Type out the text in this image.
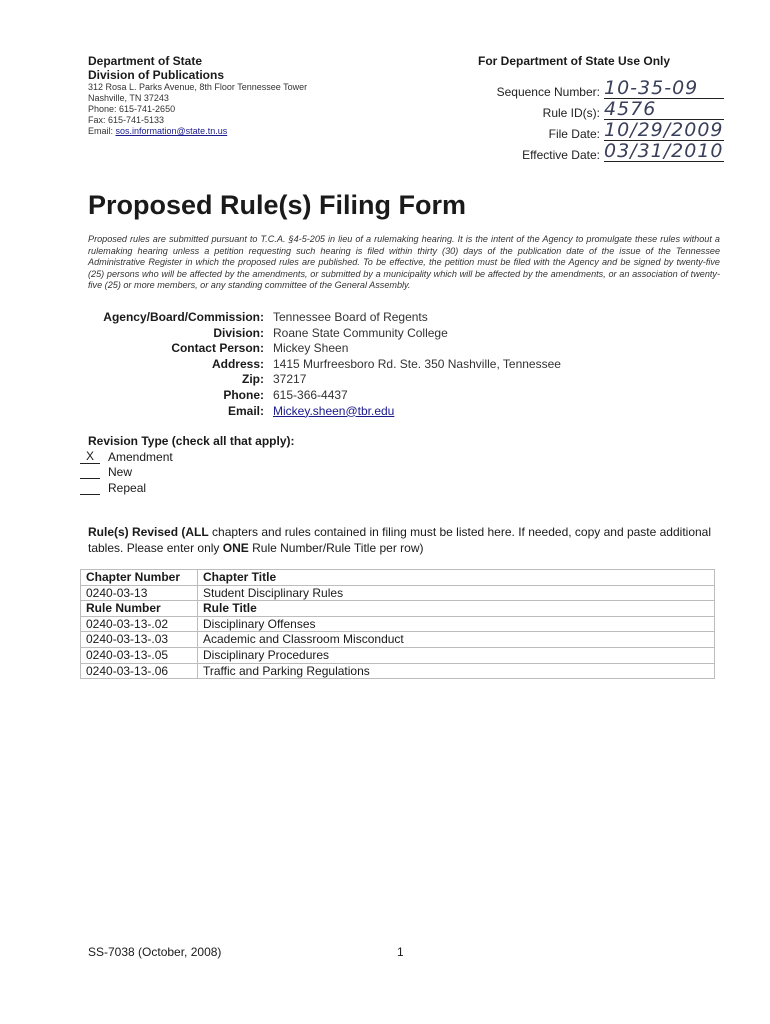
Department of State
Division of Publications
312 Rosa L. Parks Avenue, 8th Floor Tennessee Tower
Nashville, TN 37243
Phone: 615-741-2650
Fax: 615-741-5133
Email: sos.information@state.tn.us
For Department of State Use Only
Sequence Number: 10-35-09
Rule ID(s): 4576
File Date: 10/29/2009
Effective Date: 03/31/2010
Proposed Rule(s) Filing Form
Proposed rules are submitted pursuant to T.C.A. §4-5-205 in lieu of a rulemaking hearing. It is the intent of the Agency to promulgate these rules without a rulemaking hearing unless a petition requesting such hearing is filed within thirty (30) days of the publication date of the issue of the Tennessee Administrative Register in which the proposed rules are published. To be effective, the petition must be filed with the Agency and be signed by twenty-five (25) persons who will be affected by the amendments, or submitted by a municipality which will be affected by the amendments, or an association of twenty-five (25) or more members, or any standing committee of the General Assembly.
Agency/Board/Commission: Tennessee Board of Regents
Division: Roane State Community College
Contact Person: Mickey Sheen
Address: 1415 Murfreesboro Rd. Ste. 350 Nashville, Tennessee
Zip: 37217
Phone: 615-366-4437
Email: Mickey.sheen@tbr.edu
Revision Type (check all that apply):
X	Amendment
New
Repeal
Rule(s) Revised (ALL chapters and rules contained in filing must be listed here. If needed, copy and paste additional tables. Please enter only ONE Rule Number/Rule Title per row)
Chapter Number	Chapter Title
0240-03-13	Student Disciplinary Rules
Rule Number	Rule Title
0240-03-13-.02	Disciplinary Offenses
0240-03-13-.03	Academic and Classroom Misconduct
0240-03-13-.05	Disciplinary Procedures
0240-03-13-.06	Traffic and Parking Regulations
SS-7038 (October, 2008)	1
